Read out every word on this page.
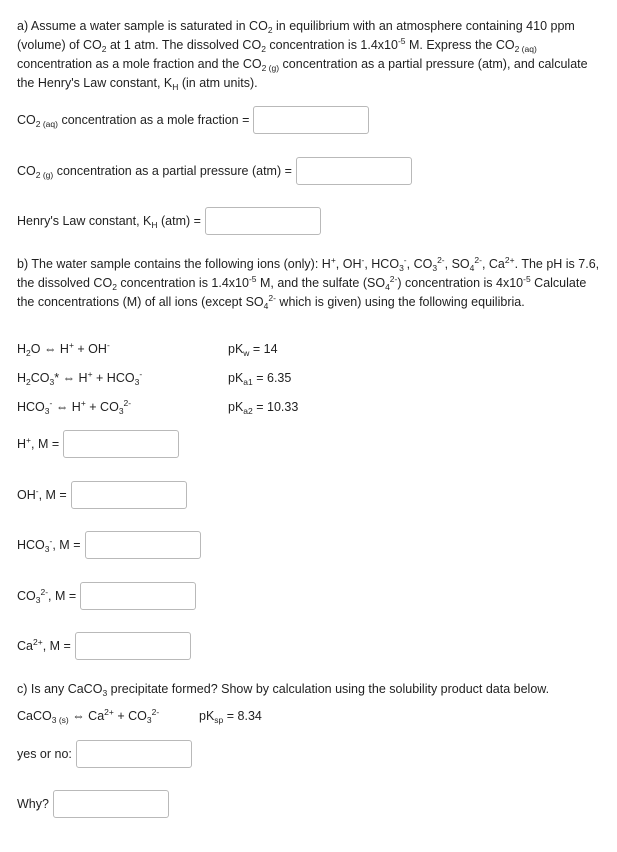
a) Assume a water sample is saturated in $CO_2$ in equilibrium with an atmosphere containing 410 ppm (volume) of $CO_2$ at 1 atm. The dissolved $CO_2$ concentration is $1.4x10^{-5}$ M. Express the $CO_{2 (aq)}$ concentration as a mole fraction and the $CO_{2 (g)}$ concentration as a partial pressure (atm), and calculate the Henry's Law constant, $K_H$ (in atm units).
$CO_{2 (aq)}$ concentration as a mole fraction =
$CO_{2 (g)}$ concentration as a partial pressure (atm) =
Henry's Law constant, $K_H$ (atm) =
b) The water sample contains the following ions (only): H+, OH-, $HCO_3^-$, $CO_3^{2-}$, $SO_4^{2-}$, $Ca^{2+}$. The pH is 7.6, the dissolved $CO_2$ concentration is $1.4x10^{-5}$ M, and the sulfate $(SO_4^{2-})$ concentration is $4x10^{-5}$ Calculate the concentrations (M) of all ions (except $SO_4^{2-}$ which is given) using the following equilibria.
$H_2O$ ⇔ H+ + OH-	$pK_w = 14$
$H_2CO_3*$ ⇔ $H^+ + HCO_3^-$	$pK_{a1} = 6.35$
$HCO_3^-$ ⇔ $H^+ + CO_3^{2-}$	$pK_{a2} = 10.33$
H+, M =
OH-, M =
$HCO_3^-$, M =
$CO_3^{2-}$, M =
$Ca^{2+}$, M =
c) Is any CaCO$_3$ precipitate formed? Show by calculation using the solubility product data below.
CaCO$_{3 (s)}$ ⇔ $Ca^{2+} + CO_3^{2-}$	$pK_{sp} = 8.34$
yes or no:
Why?
